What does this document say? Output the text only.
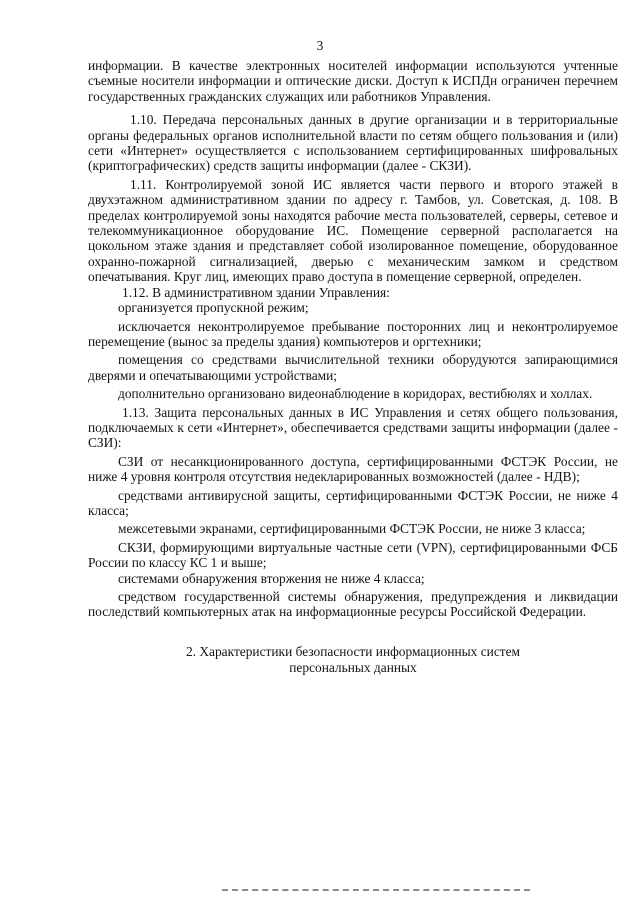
3

информации. В качестве электронных носителей информации используются учтенные съемные носители информации и оптические диски. Доступ к ИСПДн ограничен перечнем государственных гражданских служащих или работников Управления.

1.10. Передача персональных данных в другие организации и в территориальные органы федеральных органов исполнительной власти по сетям общего пользования и (или) сети «Интернет» осуществляется с использованием сертифицированных шифровальных (криптографических) средств защиты информации (далее - СКЗИ).

1.11. Контролируемой зоной ИС является части первого и второго этажей в двухэтажном административном здании по адресу г. Тамбов, ул. Советская, д. 108. В пределах контролируемой зоны находятся рабочие места пользователей, серверы, сетевое и телекоммуникационное оборудование ИС. Помещение серверной располагается на цокольном этаже здания и представляет собой изолированное помещение, оборудованное охранно-пожарной сигнализацией, дверью с механическим замком и средством опечатывания. Круг лиц, имеющих право доступа в помещение серверной, определен.

1.12. В административном здании Управления:

организуется пропускной режим;

исключается неконтролируемое пребывание посторонних лиц и неконтролируемое перемещение (вынос за пределы здания) компьютеров и оргтехники;

помещения со средствами вычислительной техники оборудуются запирающимися дверями и опечатывающими устройствами;

дополнительно организовано видеонаблюдение в коридорах, вестибюлях и холлах.

1.13. Защита персональных данных в ИС Управления и сетях общего пользования, подключаемых к сети «Интернет», обеспечивается средствами защиты информации (далее - СЗИ):

СЗИ от несанкционированного доступа, сертифицированными ФСТЭК России, не ниже 4 уровня контроля отсутствия недекларированных возможностей (далее - НДВ);

средствами антивирусной защиты, сертифицированными ФСТЭК России, не ниже 4 класса;

межсетевыми экранами, сертифицированными ФСТЭК России, не ниже 3 класса;

СКЗИ, формирующими виртуальные частные сети (VPN), сертифицированными ФСБ России по классу КС 1 и выше;

системами обнаружения вторжения не ниже 4 класса;

средством государственной системы обнаружения, предупреждения и ликвидации последствий компьютерных атак на информационные ресурсы Российской Федерации.

2. Характеристики безопасности информационных систем
персональных данных
